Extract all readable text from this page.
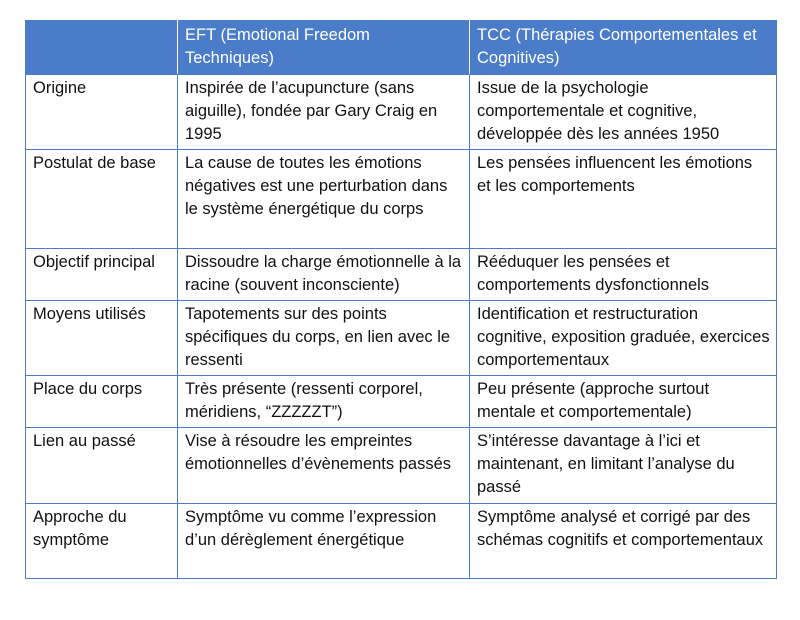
	EFT (Emotional Freedom Techniques)	TCC (Thérapies Comportementales et Cognitives)
Origine	Inspirée de l’acupuncture (sans aiguille), fondée par Gary Craig en 1995	Issue de la psychologie comportementale et cognitive, développée dès les années 1950
Postulat de base	La cause de toutes les émotions négatives est une perturbation dans le système énergétique du corps	Les pensées influencent les émotions et les comportements
Objectif principal	Dissoudre la charge émotionnelle à la racine (souvent inconsciente)	Rééduquer les pensées et comportements dysfonctionnels
Moyens utilisés	Tapotements sur des points spécifiques du corps, en lien avec le ressenti	Identification et restructuration cognitive, exposition graduée, exercices comportementaux
Place du corps	Très présente (ressenti corporel, méridiens, “ZZZZZT”)	Peu présente (approche surtout mentale et comportementale)
Lien au passé	Vise à résoudre les empreintes émotionnelles d’évènements passés	S’intéresse davantage à l’ici et maintenant, en limitant l’analyse du passé
Approche du symptôme	Symptôme vu comme l’expression d’un dérèglement énergétique	Symptôme analysé et corrigé par des schémas cognitifs et comportementaux
